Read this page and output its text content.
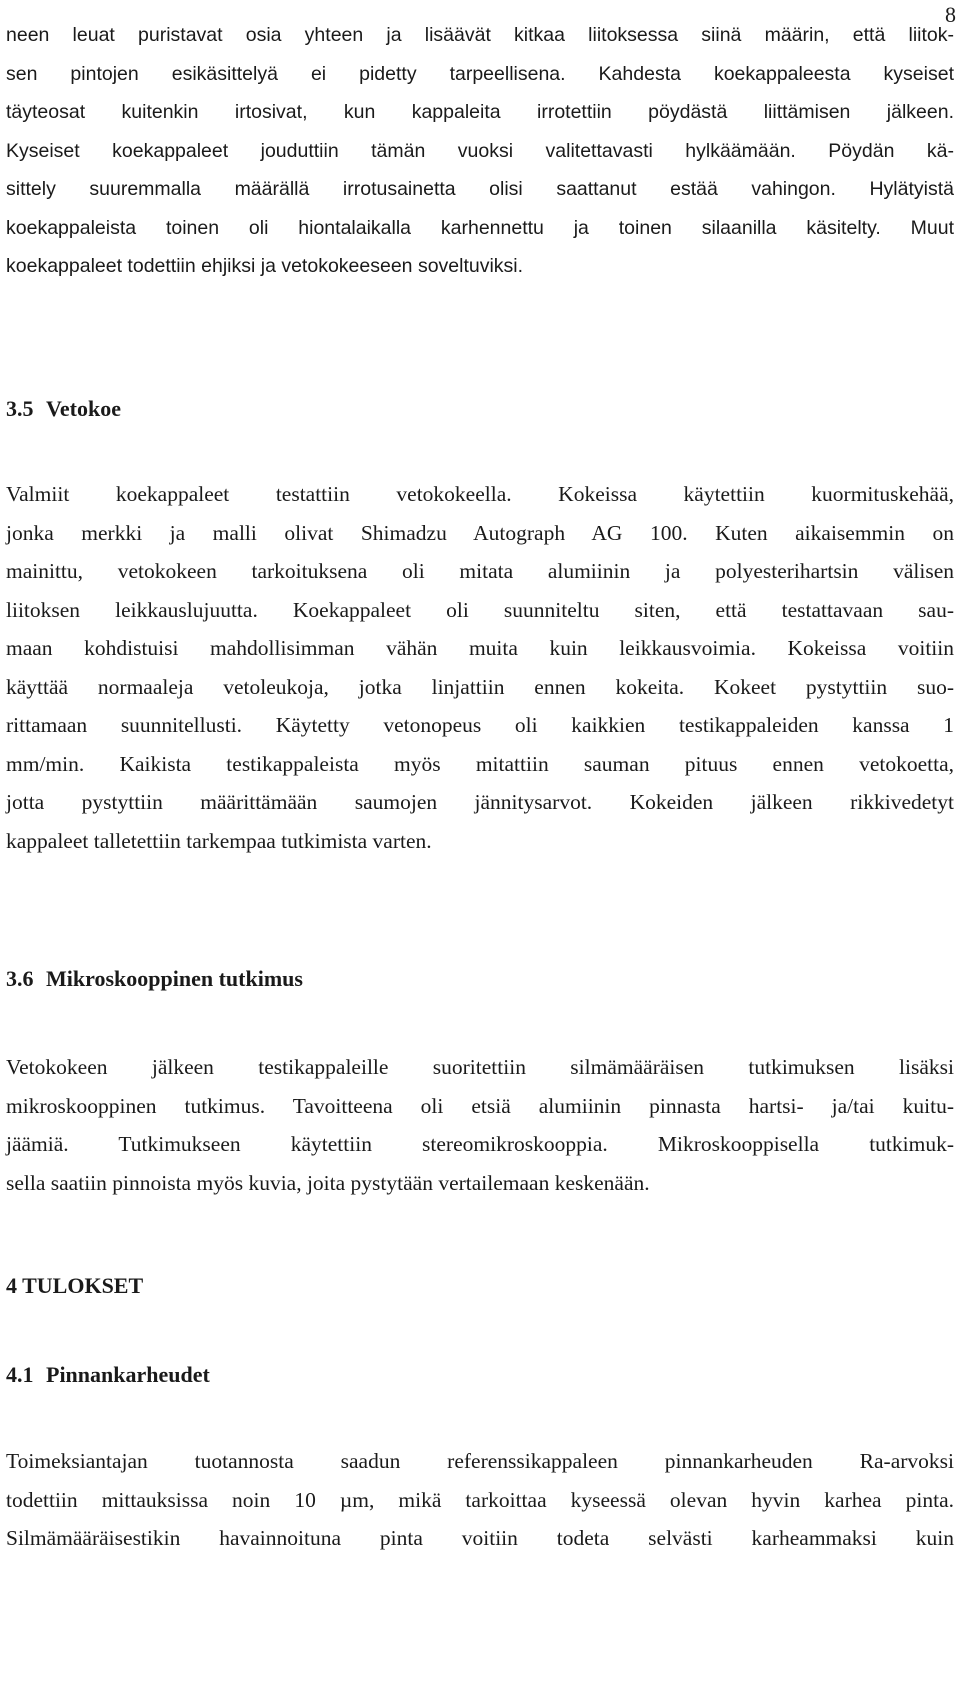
8

neen leuat puristavat osia yhteen ja lisäävät kitkaa liitoksessa siinä määrin, että liitok-
sen pintojen esikäsittelyä ei pidetty tarpeellisena. Kahdesta koekappaleesta kyseiset
täyteosat kuitenkin irtosivat, kun kappaleita irrotettiin pöydästä liittämisen jälkeen.
Kyseiset koekappaleet jouduttiin tämän vuoksi valitettavasti hylkäämään. Pöydän kä-
sittely suuremmalla määrällä irrotusainetta olisi saattanut estää vahingon. Hylätyistä
koekappaleista toinen oli hiontalaikalla karhennettu ja toinen silaanilla käsitelty. Muut
koekappaleet todettiin ehjiksi ja vetokokeeseen soveltuviksi.

3.5 Vetokoe

Valmiit koekappaleet testattiin vetokokeella. Kokeissa käytettiin kuormituskehää,
jonka merkki ja malli olivat Shimadzu Autograph AG 100. Kuten aikaisemmin on
mainittu, vetokokeen tarkoituksena oli mitata alumiinin ja polyesterihartsin välisen
liitoksen leikkauslujuutta. Koekappaleet oli suunniteltu siten, että testattavaan sau-
maan kohdistuisi mahdollisimman vähän muita kuin leikkausvoimia. Kokeissa voitiin
käyttää normaaleja vetoleukoja, jotka linjattiin ennen kokeita. Kokeet pystyttiin suo-
rittamaan suunnitellusti. Käytetty vetonopeus oli kaikkien testikappaleiden kanssa 1
mm/min. Kaikista testikappaleista myös mitattiin sauman pituus ennen vetokoetta,
jotta pystyttiin määrittämään saumojen jännitysarvot. Kokeiden jälkeen rikkivedetyt
kappaleet talletettiin tarkempaa tutkimista varten.

3.6 Mikroskooppinen tutkimus

Vetokokeen jälkeen testikappaleille suoritettiin silmämääräisen tutkimuksen lisäksi
mikroskooppinen tutkimus. Tavoitteena oli etsiä alumiinin pinnasta hartsi- ja/tai kuitu-
jäämiä. Tutkimukseen käytettiin stereomikroskooppia. Mikroskooppisella tutkimuk-
sella saatiin pinnoista myös kuvia, joita pystytään vertailemaan keskenään.

4 TULOKSET
4.1 Pinnankarheudet

Toimeksiantajan tuotannosta saadun referenssikappaleen pinnankarheuden Ra-arvoksi
todettiin mittauksissa noin 10 µm, mikä tarkoittaa kyseessä olevan hyvin karhea pinta.
Silmämääräisestikin havainnoituna pinta voitiin todeta selvästi karheammaksi kuin
